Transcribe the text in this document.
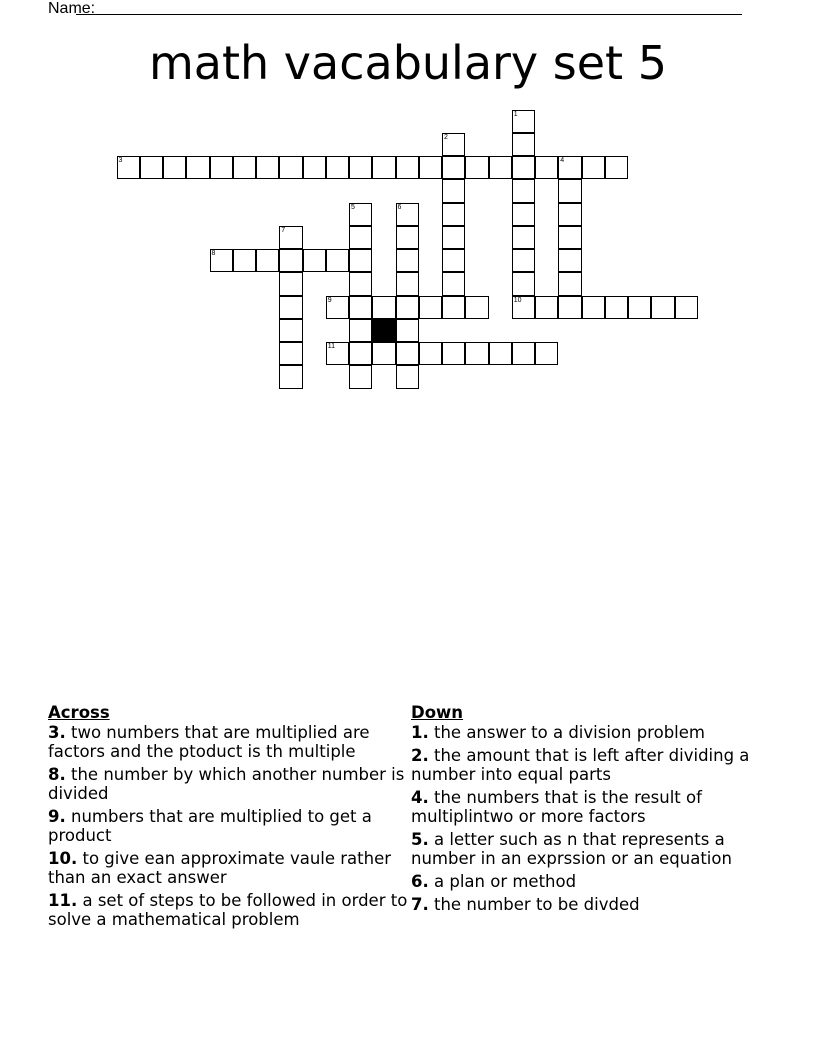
Name:
math vacabulary set 5
1
2
3	4
5	6
7
8
9	10
11
Across
3. two numbers that are multiplied are factors and the ptoduct is th multiple
8. the number by which another number is divided
9. numbers that are multiplied to get a product
10. to give ean approximate vaule rather than an exact answer
11. a set of steps to be followed in order to solve a mathematical problem
Down
1. the answer to a division problem
2. the amount that is left after dividing a number into equal parts
4. the numbers that is the result of multiplintwo or more factors
5. a letter such as n that represents a number in an exprssion or an equation
6. a plan or method
7. the number to be divded
